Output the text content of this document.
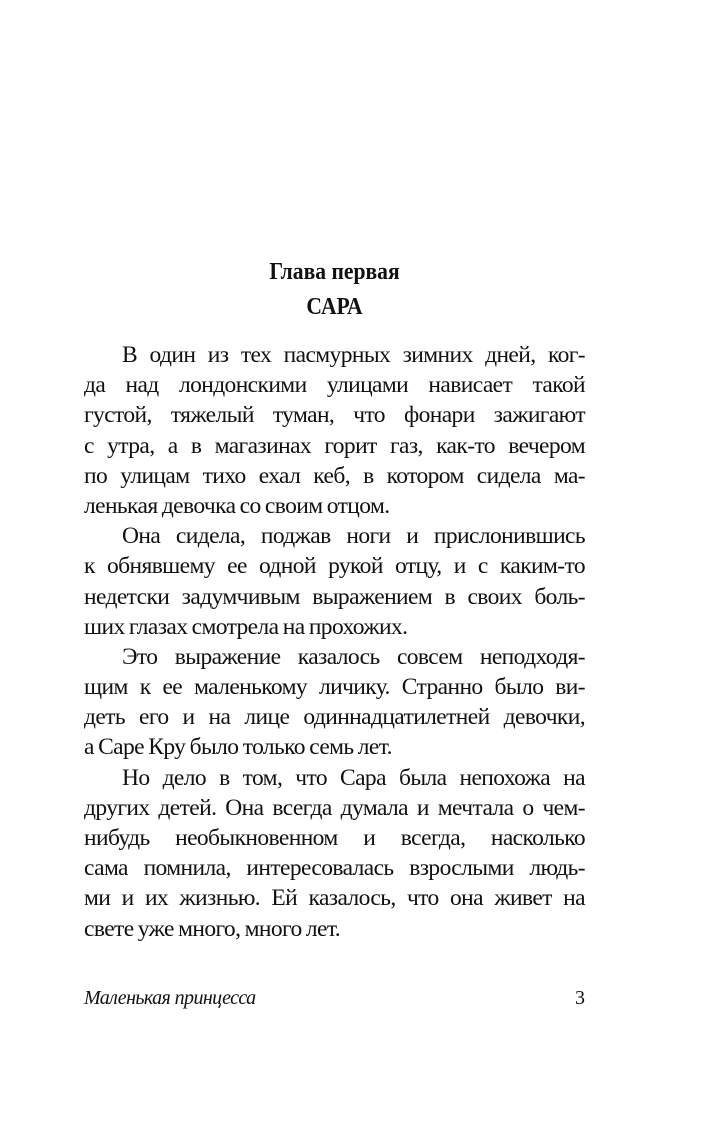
Глава первая
САРА
В один из тех пасмурных зимних дней, ког-
да над лондонскими улицами нависает такой
густой, тяжелый туман, что фонари зажигают
с утра, а в магазинах горит газ, как-то вечером
по улицам тихо ехал кеб, в котором сидела ма-
ленькая девочка со своим отцом.
Она сидела, поджав ноги и прислонившись
к обнявшему ее одной рукой отцу, и с каким-то
недетски задумчивым выражением в своих боль-
ших глазах смотрела на прохожих.
Это выражение казалось совсем неподходя-
щим к ее маленькому личику. Странно было ви-
деть его и на лице одиннадцатилетней девочки,
а Саре Кру было только семь лет.
Но дело в том, что Сара была непохожа на
других детей. Она всегда думала и мечтала о чем-
нибудь необыкновенном и всегда, насколько
сама помнила, интересовалась взрослыми людь-
ми и их жизнью. Ей казалось, что она живет на
свете уже много, много лет.
Маленькая принцесса	3
